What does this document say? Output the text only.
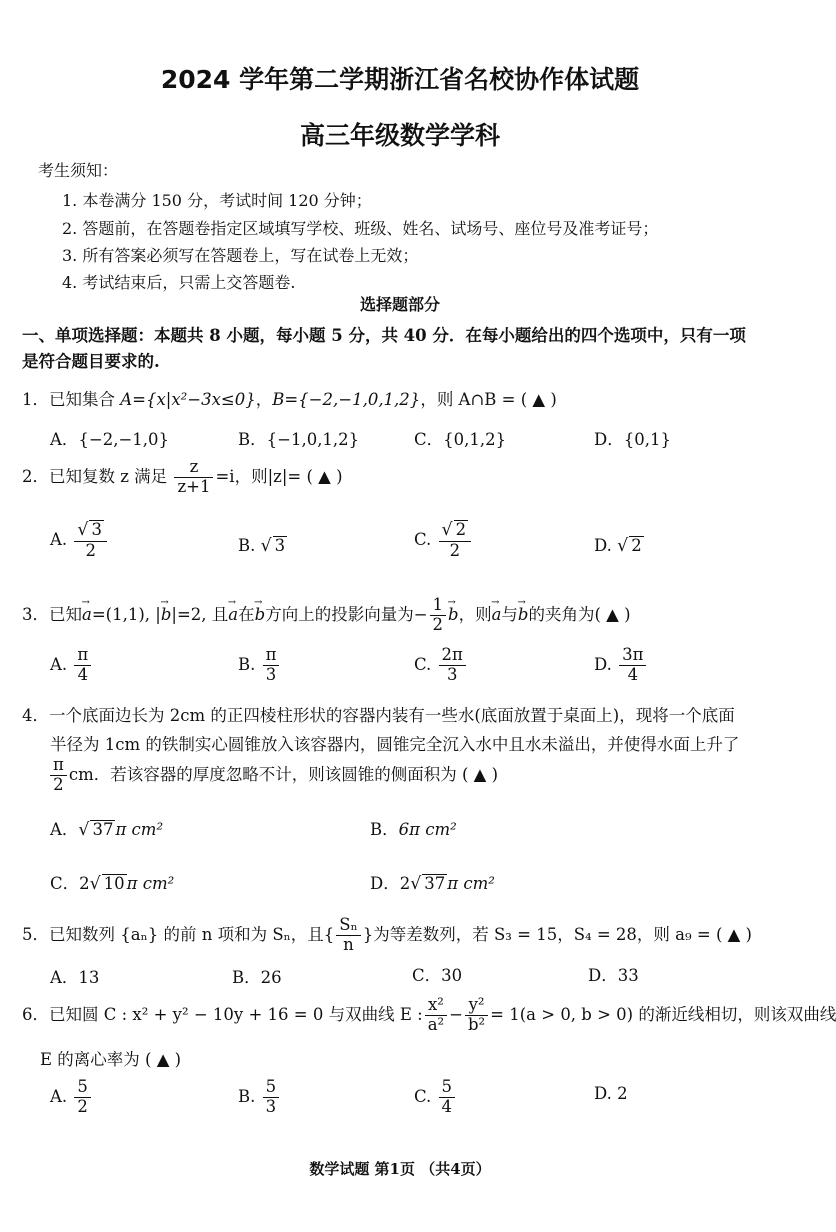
2024 学年第二学期浙江省名校协作体试题
高三年级数学学科
考生须知：
1. 本卷满分 150 分，考试时间 120 分钟；
2. 答题前，在答题卷指定区域填写学校、班级、姓名、试场号、座位号及准考证号；
3. 所有答案必须写在答题卷上，写在试卷上无效；
4. 考试结束后，只需上交答题卷.
选择题部分
一、单项选择题：本题共 8 小题，每小题 5 分，共 40 分．在每小题给出的四个选项中，只有一项
是符合题目要求的.
1．已知集合 A={x|x²−3x≤0}，B={−2,−1,0,1,2}，则 A∩B = ( ▲ )
A．{−2,−1,0}	B．{−1,0,1,2}	C．{0,1,2}	D．{0,1}
2．已知复数 z 满足 $\frac{z}{z+1} =i$，则|z|= ( ▲ )
A. $\frac{√ 3}{2}$	B. √ 3	C. $\frac{√ 2}{2}$	D. √ 2
3．已知→ a=(1,1), |→ b|=2, 且→ a在→ b方向上的投影向量为− $\frac{1}{2}$
→ b，则→ a与→ b的夹角为( ▲ )
A. $\frac{\pi}{4}$	B. $\frac{\pi}{3}$	C. $\frac{2\pi}{3}$	D. $\frac{3\pi}{4}$
4．一个底面边长为 2cm 的正四棱柱形状的容器内装有一些水(底面放置于桌面上)，现将一个底面
半径为 1cm 的铁制实心圆锥放入该容器内，圆锥完全沉入水中且水未溢出，并使得水面上升了
$\frac{\pi}{2}$ cm．若该容器的厚度忽略不计，则该圆锥的侧面积为 ( ▲ )
A．√ 37 π cm²	B．6π cm²
C．2√ 10 π cm²	D．2√ 37 π cm²
5．已知数列 {aₙ} 的前 n 项和为 Sₙ，且{ $\frac{\text{Sₙ}}{n}$ }为等差数列，若 S₃ = 15，S₄ = 28，则 a₉ = ( ▲ )
A．13	B．26	C．30	D．33
6．已知圆 C : x² + y² − 10y + 16 = 0 与双曲线 E : $\frac{\text{x²}}{\text{a²}} - \frac{\text{y²}}{\text{b²}} = 1(a > 0$, b > 0) 的渐近线相切，则该双曲线
E 的离心率为 ( ▲ )
A. $\frac{5}{2}$	B. $\frac{5}{3}$	C. $\frac{5}{4}$	D. 2
数学试题 第1页 （共4页）
